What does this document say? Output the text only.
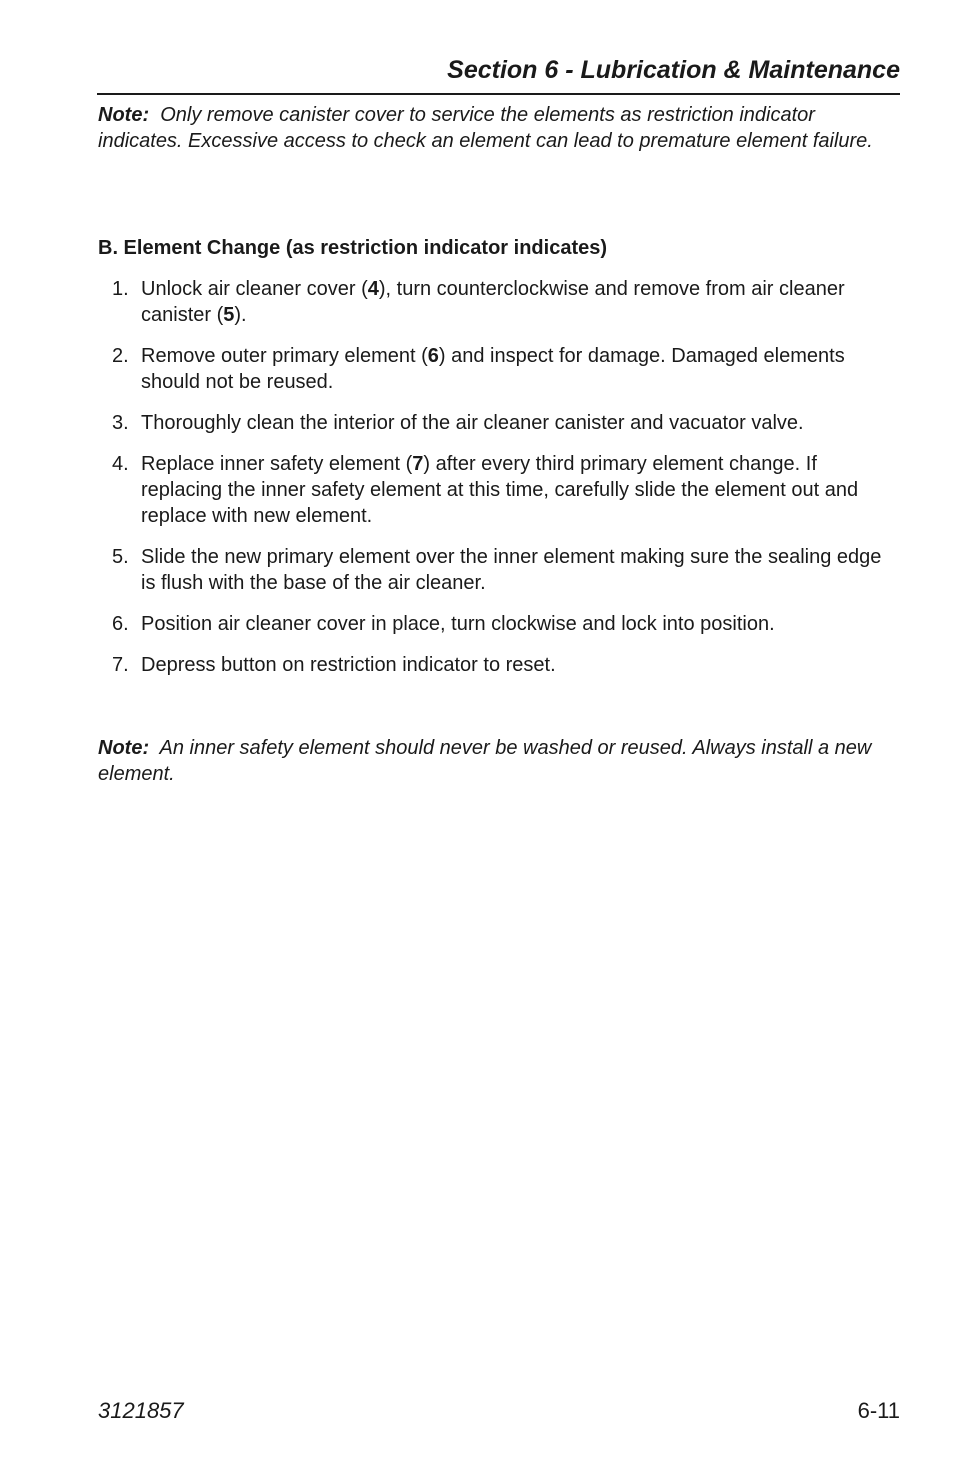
Section 6 - Lubrication & Maintenance

Note: Only remove canister cover to service the elements as restriction indicator indicates. Excessive access to check an element can lead to premature element failure.

B. Element Change (as restriction indicator indicates)
1. Unlock air cleaner cover (4), turn counterclockwise and remove from air cleaner canister (5).
2. Remove outer primary element (6) and inspect for damage. Damaged elements should not be reused.
3. Thoroughly clean the interior of the air cleaner canister and vacuator valve.
4. Replace inner safety element (7) after every third primary element change. If replacing the inner safety element at this time, carefully slide the element out and replace with new element.
5. Slide the new primary element over the inner element making sure the sealing edge is flush with the base of the air cleaner.
6. Position air cleaner cover in place, turn clockwise and lock into position.
7. Depress button on restriction indicator to reset.

Note: An inner safety element should never be washed or reused. Always install a new element.

3121857	6-11
